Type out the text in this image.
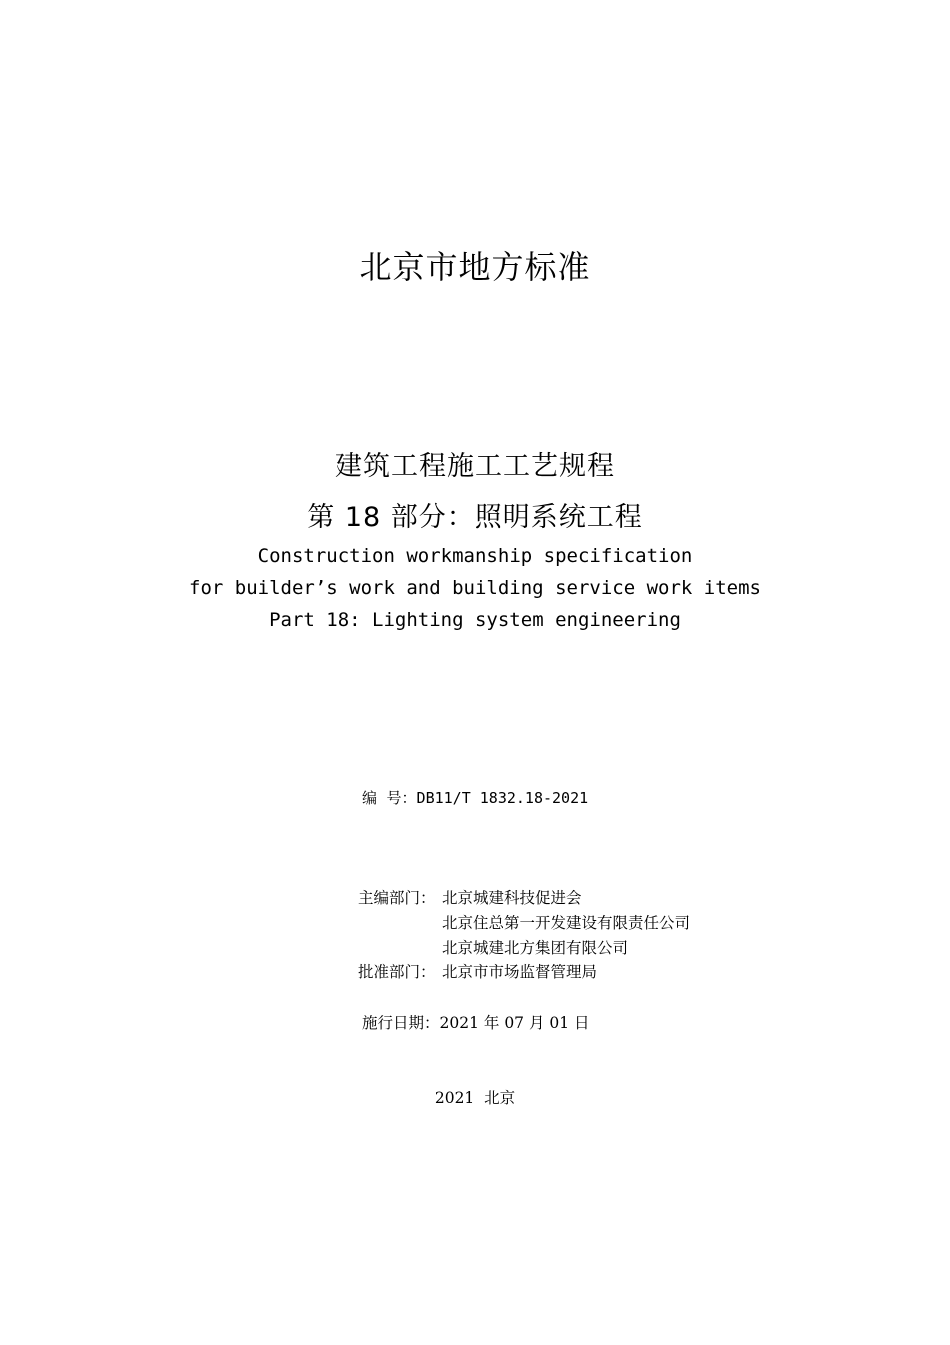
北京市地方标准
建筑工程施工工艺规程
第 18 部分：照明系统工程
Construction workmanship specification
for builder’s work and building service work items
Part 18: Lighting system engineering
编  号：DB11/T 1832.18-2021
主编部门： 北京城建科技促进会
北京住总第一开发建设有限责任公司
北京城建北方集团有限公司
批准部门： 北京市市场监督管理局
施行日期：2021 年 07 月 01 日
2021  北京
